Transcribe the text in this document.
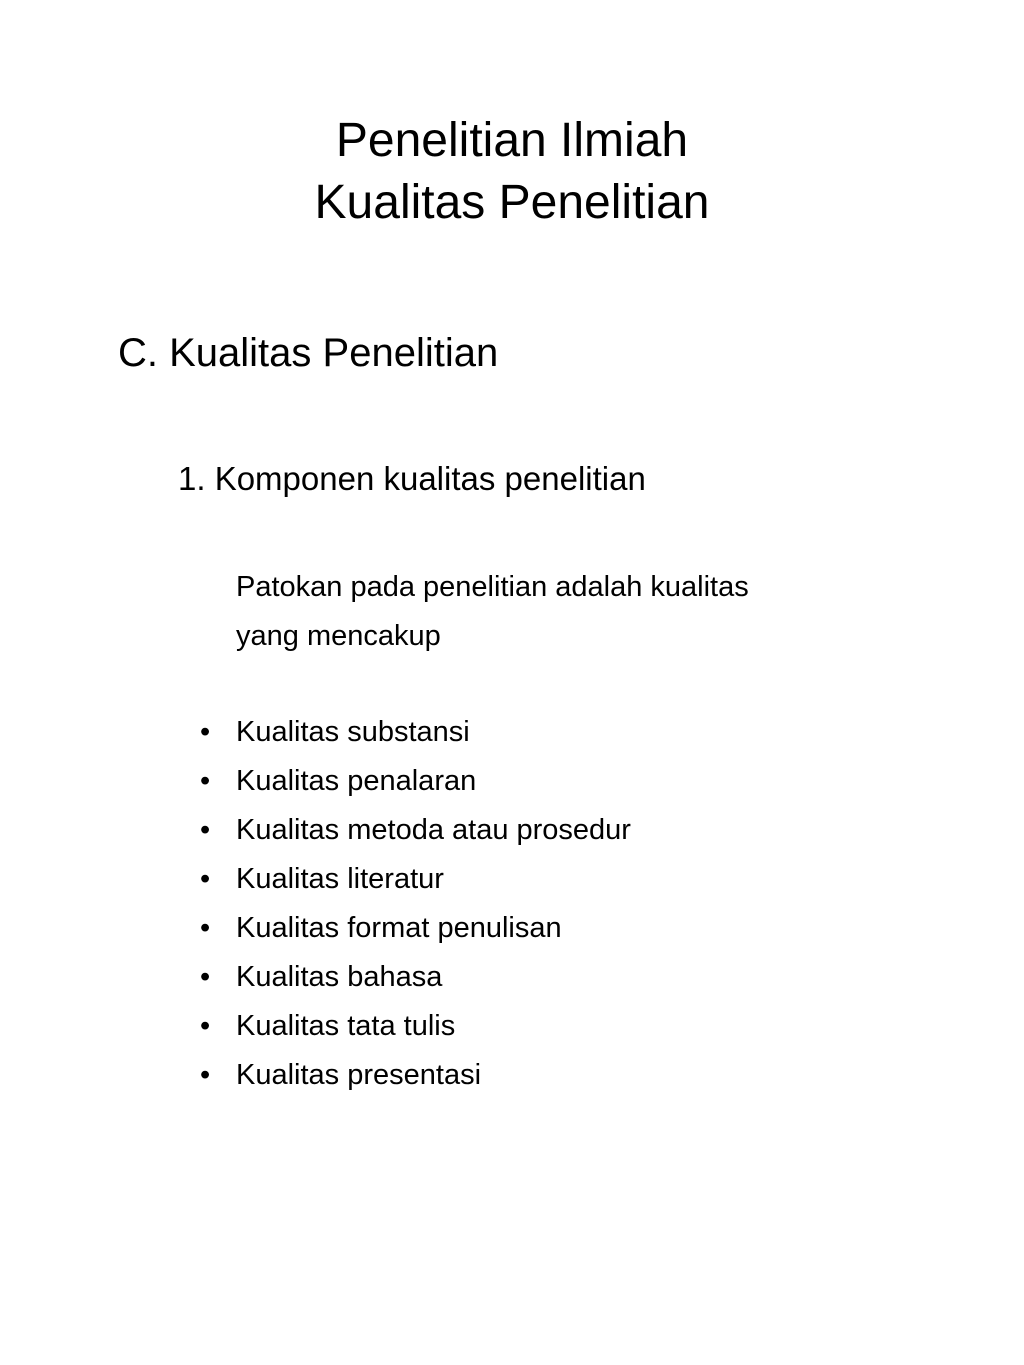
Penelitian Ilmiah
Kualitas Penelitian
C. Kualitas Penelitian
1. Komponen kualitas penelitian
Patokan pada penelitian adalah kualitas
yang mencakup
• Kualitas substansi
• Kualitas penalaran
• Kualitas metoda atau prosedur
• Kualitas literatur
• Kualitas format penulisan
• Kualitas bahasa
• Kualitas tata tulis
• Kualitas presentasi
